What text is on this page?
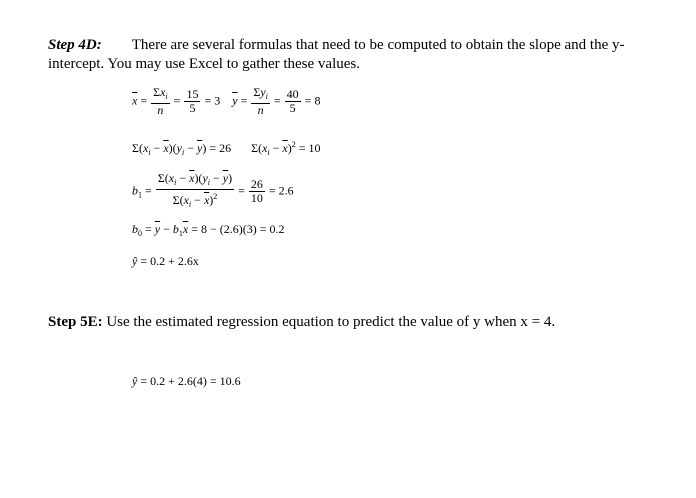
Step 4D: There are several formulas that need to be computed to obtain the slope and the y-intercept. You may use Excel to gather these values.
$\overline{x} = \frac{\Sigma x_i}{n} = \frac{15}{5} = 3$ $\overline{y} = \frac{\Sigma y_i}{n} = \frac{40}{5} = 8$
$\Sigma(x_i - \overline{x})(y_i - \overline{y}) = 26$  $\Sigma(x_i - \overline{x})^2 = 10$
$b_1 = \frac{\Sigma(x_i - \overline{x})(y_i - \overline{y})}{\Sigma(x_i - \overline{x})^2} = \frac{26}{10} = 2.6$
$b_0 = \overline{y} - b_1\overline{x} = 8 - (2.6)(3) = 0.2$
ŷ = 0.2 + 2.6x
Step 5E: Use the estimated regression equation to predict the value of y when x = 4.
ŷ = 0.2 + 2.6(4) = 10.6
